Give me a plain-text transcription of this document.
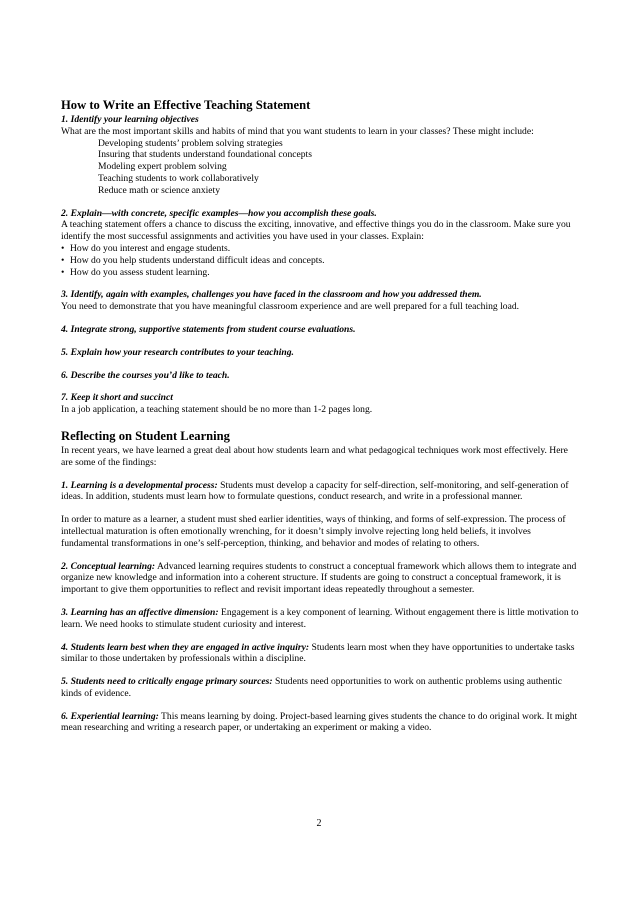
How to Write an Effective Teaching Statement

1. Identify your learning objectives

What are the most important skills and habits of mind that you want students to learn in your classes? These might include:

Developing students’ problem solving strategies

Insuring that students understand foundational concepts

Modeling expert problem solving

Teaching students to work collaboratively

Reduce math or science anxiety

2. Explain—with concrete, specific examples—how you accomplish these goals.

A teaching statement offers a chance to discuss the exciting, innovative, and effective things you do in the classroom. Make sure you identify the most successful assignments and activities you have used in your classes. Explain:

• How do you interest and engage students.
• How do you help students understand difficult ideas and concepts.
• How do you assess student learning.

3. Identify, again with examples, challenges you have faced in the classroom and how you addressed them.

You need to demonstrate that you have meaningful classroom experience and are well prepared for a full teaching load.

4. Integrate strong, supportive statements from student course evaluations.

5. Explain how your research contributes to your teaching.

6. Describe the courses you’d like to teach.

7. Keep it short and succinct

In a job application, a teaching statement should be no more than 1-2 pages long.

Reflecting on Student Learning

In recent years, we have learned a great deal about how students learn and what pedagogical techniques work most effectively. Here are some of the findings:

1. Learning is a developmental process: Students must develop a capacity for self-direction, self-monitoring, and self-generation of ideas. In addition, students must learn how to formulate questions, conduct research, and write in a professional manner.

In order to mature as a learner, a student must shed earlier identities, ways of thinking, and forms of self-expression. The process of intellectual maturation is often emotionally wrenching, for it doesn’t simply involve rejecting long held beliefs, it involves fundamental transformations in one’s self-perception, thinking, and behavior and modes of relating to others.

2. Conceptual learning: Advanced learning requires students to construct a conceptual framework which allows them to integrate and organize new knowledge and information into a coherent structure. If students are going to construct a conceptual framework, it is important to give them opportunities to reflect and revisit important ideas repeatedly throughout a semester.

3. Learning has an affective dimension: Engagement is a key component of learning. Without engagement there is little motivation to learn. We need hooks to stimulate student curiosity and interest.

4. Students learn best when they are engaged in active inquiry: Students learn most when they have opportunities to undertake tasks similar to those undertaken by professionals within a discipline.

5. Students need to critically engage primary sources: Students need opportunities to work on authentic problems using authentic kinds of evidence.

6. Experiential learning: This means learning by doing. Project-based learning gives students the chance to do original work. It might mean researching and writing a research paper, or undertaking an experiment or making a video.

2
